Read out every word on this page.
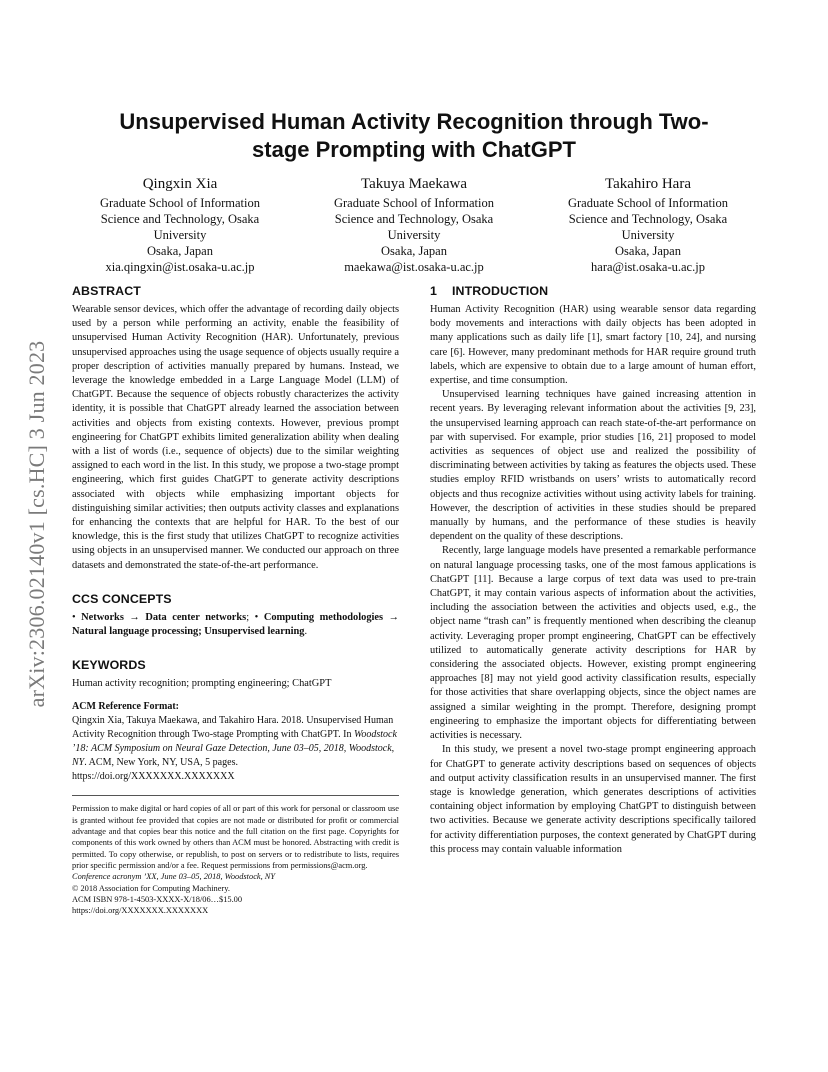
arXiv:2306.02140v1 [cs.HC] 3 Jun 2023
Unsupervised Human Activity Recognition through Two-stage Prompting with ChatGPT
Qingxin Xia
Graduate School of Information
Science and Technology, Osaka
University
Osaka, Japan
xia.qingxin@ist.osaka-u.ac.jp
Takuya Maekawa
Graduate School of Information
Science and Technology, Osaka
University
Osaka, Japan
maekawa@ist.osaka-u.ac.jp
Takahiro Hara
Graduate School of Information
Science and Technology, Osaka
University
Osaka, Japan
hara@ist.osaka-u.ac.jp
ABSTRACT

Wearable sensor devices, which offer the advantage of recording daily objects used by a person while performing an activity, enable the feasibility of unsupervised Human Activity Recognition (HAR). Unfortunately, previous unsupervised approaches using the usage sequence of objects usually require a proper description of activities manually prepared by humans. Instead, we leverage the knowledge embedded in a Large Language Model (LLM) of ChatGPT. Because the sequence of objects robustly characterizes the activity identity, it is possible that ChatGPT already learned the association between activities and objects from existing contexts. However, previous prompt engineering for ChatGPT exhibits limited generalization ability when dealing with a list of words (i.e., sequence of objects) due to the similar weighting assigned to each word in the list. In this study, we propose a two-stage prompt engineering, which first guides ChatGPT to generate activity descriptions associated with objects while emphasizing important objects for distinguishing similar activities; then outputs activity classes and explanations for enhancing the contexts that are helpful for HAR. To the best of our knowledge, this is the first study that utilizes ChatGPT to recognize activities using objects in an unsupervised manner. We conducted our approach on three datasets and demonstrated the state-of-the-art performance.

CCS CONCEPTS

• Networks → Data center networks; • Computing methodologies → Natural language processing; Unsupervised learning.

KEYWORDS

Human activity recognition; prompting engineering; ChatGPT

ACM Reference Format:
Qingxin Xia, Takuya Maekawa, and Takahiro Hara. 2018. Unsupervised Human Activity Recognition through Two-stage Prompting with ChatGPT. In Woodstock ’18: ACM Symposium on Neural Gaze Detection, June 03–05, 2018, Woodstock, NY. ACM, New York, NY, USA, 5 pages. https://doi.org/XXXXXXX.XXXXXXX

Permission to make digital or hard copies of all or part of this work for personal or classroom use is granted without fee provided that copies are not made or distributed for profit or commercial advantage and that copies bear this notice and the full citation on the first page. Copyrights for components of this work owned by others than ACM must be honored. Abstracting with credit is permitted. To copy otherwise, or republish, to post on servers or to redistribute to lists, requires prior specific permission and/or a fee. Request permissions from permissions@acm.org.

Conference acronym ’XX, June 03–05, 2018, Woodstock, NY
© 2018 Association for Computing Machinery.
ACM ISBN 978-1-4503-XXXX-X/18/06…$15.00
https://doi.org/XXXXXXX.XXXXXXX
1 INTRODUCTION

Human Activity Recognition (HAR) using wearable sensor data regarding body movements and interactions with daily objects has been adopted in many applications such as daily life [1], smart factory [10, 24], and nursing care [6]. However, many predominant methods for HAR require ground truth labels, which are expensive to obtain due to a large amount of human effort, expertise, and time consumption.

Unsupervised learning techniques have gained increasing attention in recent years. By leveraging relevant information about the activities [9, 23], the unsupervised learning approach can reach state-of-the-art performance on par with supervised. For example, prior studies [16, 21] proposed to model activities as sequences of object use and realized the possibility of discriminating between activities by taking as features the objects used. These studies employ RFID wristbands on users’ wrists to automatically record objects and thus recognize activities without using activity labels for training. However, the description of activities in these studies should be prepared manually by humans, and the performance of these studies is heavily dependent on the quality of these descriptions.

Recently, large language models have presented a remarkable performance on natural language processing tasks, one of the most famous applications is ChatGPT [11]. Because a large corpus of text data was used to pre-train ChatGPT, it may contain various aspects of information about the activities, including the association between the activities and objects used, e.g., the object name “trash can” is frequently mentioned when describing the cleanup activity. Leveraging proper prompt engineering, ChatGPT can be effectively utilized to automatically generate activity descriptions for HAR by considering the associated objects. However, existing prompt engineering approaches [8] may not yield good activity classification results, especially for those activities that share overlapping objects, since the object names are assigned a similar weighting in the prompt. Therefore, designing prompt engineering to emphasize the important objects for differentiating between activities is necessary.

In this study, we present a novel two-stage prompt engineering approach for ChatGPT to generate activity descriptions based on sequences of objects and output activity classification results in an unsupervised manner. The first stage is knowledge generation, which generates descriptions of activities containing object information by employing ChatGPT to distinguish between two activities. Because we generate activity descriptions specifically tailored for activity differentiation purposes, the context generated by ChatGPT during this process may contain valuable information
